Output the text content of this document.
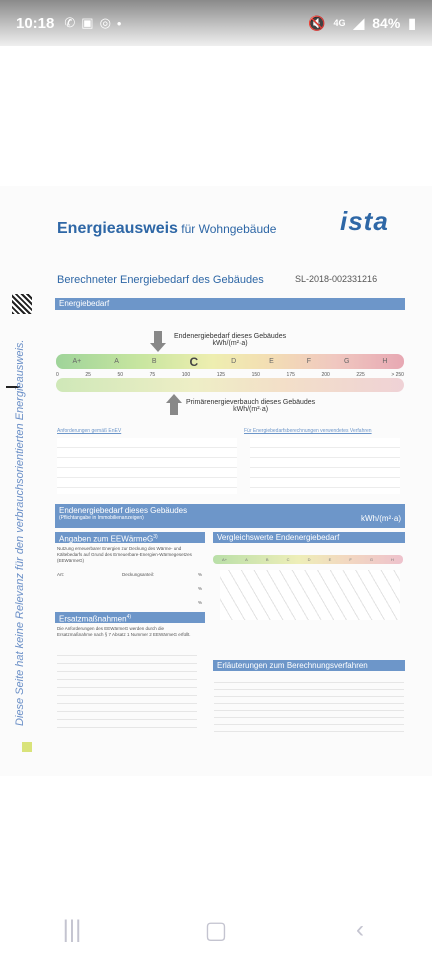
10:18 ✆ ▣ ◎ •	🔇 4G ◢ 84% ▮
Diese Seite hat keine Relevanz für den verbrauchsorientierten Energieausweis.
Energieausweis für Wohngebäude ista
Berechneter Energiebedarf des Gebäudes	SL-2018-002331216
Energiebedarf
Endenergiebedarf dieses Gebäudes
kWh/(m²·a)
A+	A	B	C	D	E	F	G	H
0	25	50	75	100	125	150	175	200	225	> 250
Primärenergieverbauch dieses Gebäudes
kWh/(m²·a)
Anforderungen gemäß EnEV	Für Energiebedarfsberechnungen verwendetes Verfahren
Endenergiebedarf dieses Gebäudes
(Pflichtangabe in Immobilienanzeigen)	kWh/(m²·a)
Angaben zum EEWärmeG$^{3)}$
Nutzung erneuerbarer Energien zur Deckung des Wärme- und Kältebedarfs auf Grund des Erneuerbare-Energien-Wärmegesetzes (EEWärmeG)
Art:	Deckungsanteil:	%
%
%
Vergleichswerte Endenergiebedarf
A+	A	B	C	D	E	F	G	H
Ersatzmaßnahmen$^{4)}$
Die Anforderungen des EEWärmeG werden durch die Ersatzmaßnahme nach § 7 Absatz 1 Nummer 2 EEWärmeG erfüllt.
Erläuterungen zum Berechnungsverfahren
|||	▢	‹
